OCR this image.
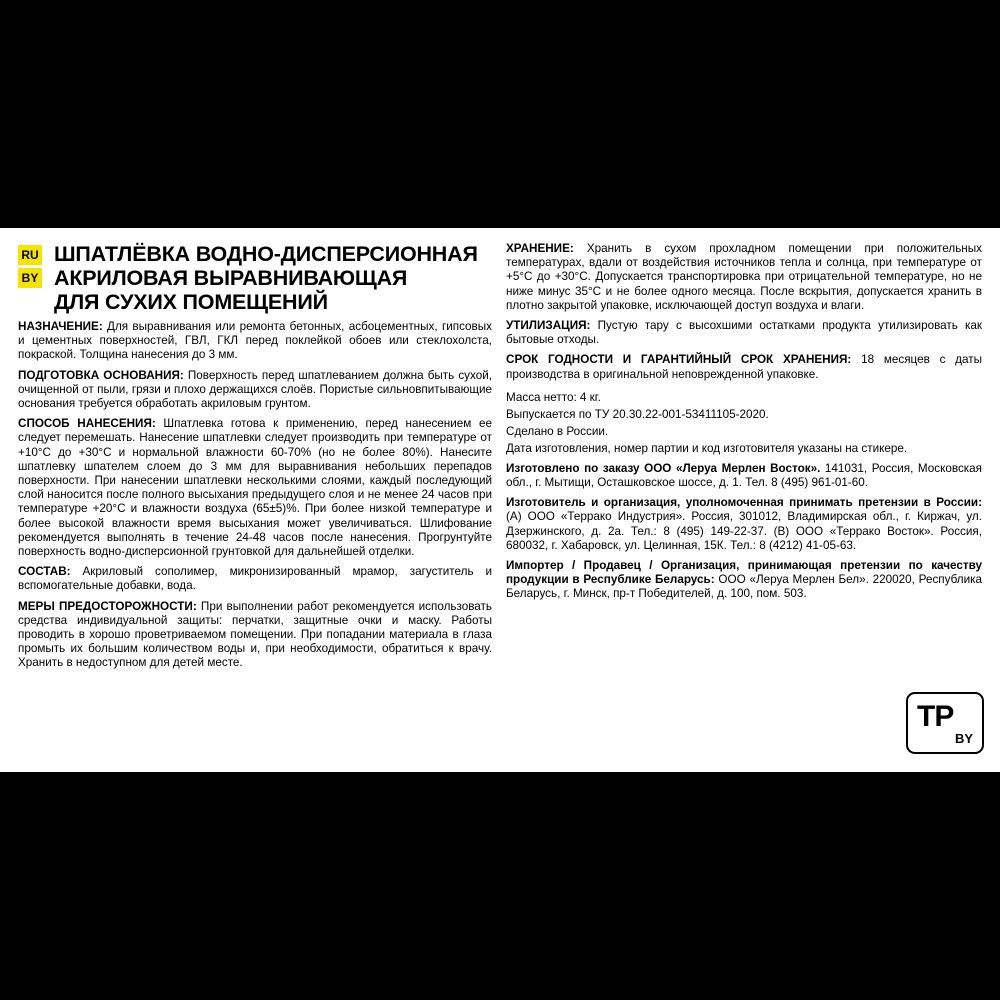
RU
BY
ШПАТЛЁВКА ВОДНО-ДИСПЕРСИОННАЯ
АКРИЛОВАЯ ВЫРАВНИВАЮЩАЯ
ДЛЯ СУХИХ ПОМЕЩЕНИЙ

НАЗНАЧЕНИЕ: Для выравнивания или ремонта бетонных, асбоцементных, гипсовых и цементных поверхностей, ГВЛ, ГКЛ перед поклейкой обоев или стеклохолста, покраской. Толщина нанесения до 3 мм.

ПОДГОТОВКА ОСНОВАНИЯ: Поверхность перед шпатлеванием должна быть сухой, очищенной от пыли, грязи и плохо держащихся слоёв. Пористые сильновпитывающие основания требуется обработать акриловым грунтом.

СПОСОБ НАНЕСЕНИЯ: Шпатлевка готова к применению, перед нанесением ее следует перемешать. Нанесение шпатлевки следует производить при температуре от +10°С до +30°С и нормальной влажности 60-70% (но не более 80%). Нанесите шпатлевку шпателем слоем до 3 мм для выравнивания небольших перепадов поверхности. При нанесении шпатлевки несколькими слоями, каждый последующий слой наносится после полного высыхания предыдущего слоя и не менее 24 часов при температуре +20°С и влажности воздуха (65±5)%. При более низкой температуре и более высокой влажности время высыхания может увеличиваться. Шлифование рекомендуется выполнять в течение 24-48 часов после нанесения. Прогрунтуйте поверхность водно-дисперсионной грунтовкой для дальнейшей отделки.

СОСТАВ: Акриловый сополимер, микронизированный мрамор, загуститель и вспомогательные добавки, вода.

МЕРЫ ПРЕДОСТОРОЖНОСТИ: При выполнении работ рекомендуется использовать средства индивидуальной защиты: перчатки, защитные очки и маску. Работы проводить в хорошо проветриваемом помещении. При попадании материала в глаза промыть их большим количеством воды и, при необходимости, обратиться к врачу. Хранить в недоступном для детей месте.

ХРАНЕНИЕ: Хранить в сухом прохладном помещении при положительных температурах, вдали от воздействия источников тепла и солнца, при температуре от +5°С до +30°С. Допускается транспортировка при отрицательной температуре, но не ниже минус 35°С и не более одного месяца. После вскрытия, допускается хранить в плотно закрытой упаковке, исключающей доступ воздуха и влаги.

УТИЛИЗАЦИЯ: Пустую тару с высохшими остатками продукта утилизировать как бытовые отходы.

СРОК ГОДНОСТИ И ГАРАНТИЙНЫЙ СРОК ХРАНЕНИЯ: 18 месяцев с даты производства в оригинальной неповрежденной упаковке.

Масса нетто: 4 кг.

Выпускается по ТУ 20.30.22-001-53411105-2020.

Сделано в России.

Дата изготовления, номер партии и код изготовителя указаны на стикере.

Изготовлено по заказу ООО «Леруа Мерлен Восток». 141031, Россия, Московская обл., г. Мытищи, Осташковское шоссе, д. 1. Тел. 8 (495) 961-01-60.

Изготовитель и организация, уполномоченная принимать претензии в России: (А) ООО «Террако Индустрия». Россия, 301012, Владимирская обл., г. Киржач, ул. Дзержинского, д. 2а. Тел.: 8 (495) 149-22-37. (В) ООО «Террако Восток». Россия, 680032, г. Хабаровск, ул. Целинная, 15К. Тел.: 8 (4212) 41-05-63.

Импортер / Продавец / Организация, принимающая претензии по качеству продукции в Республике Беларусь: ООО «Леруа Мерлен Бел». 220020, Республика Беларусь, г. Минск, пр-т Победителей, д. 100, пом. 503.

TP
BY
